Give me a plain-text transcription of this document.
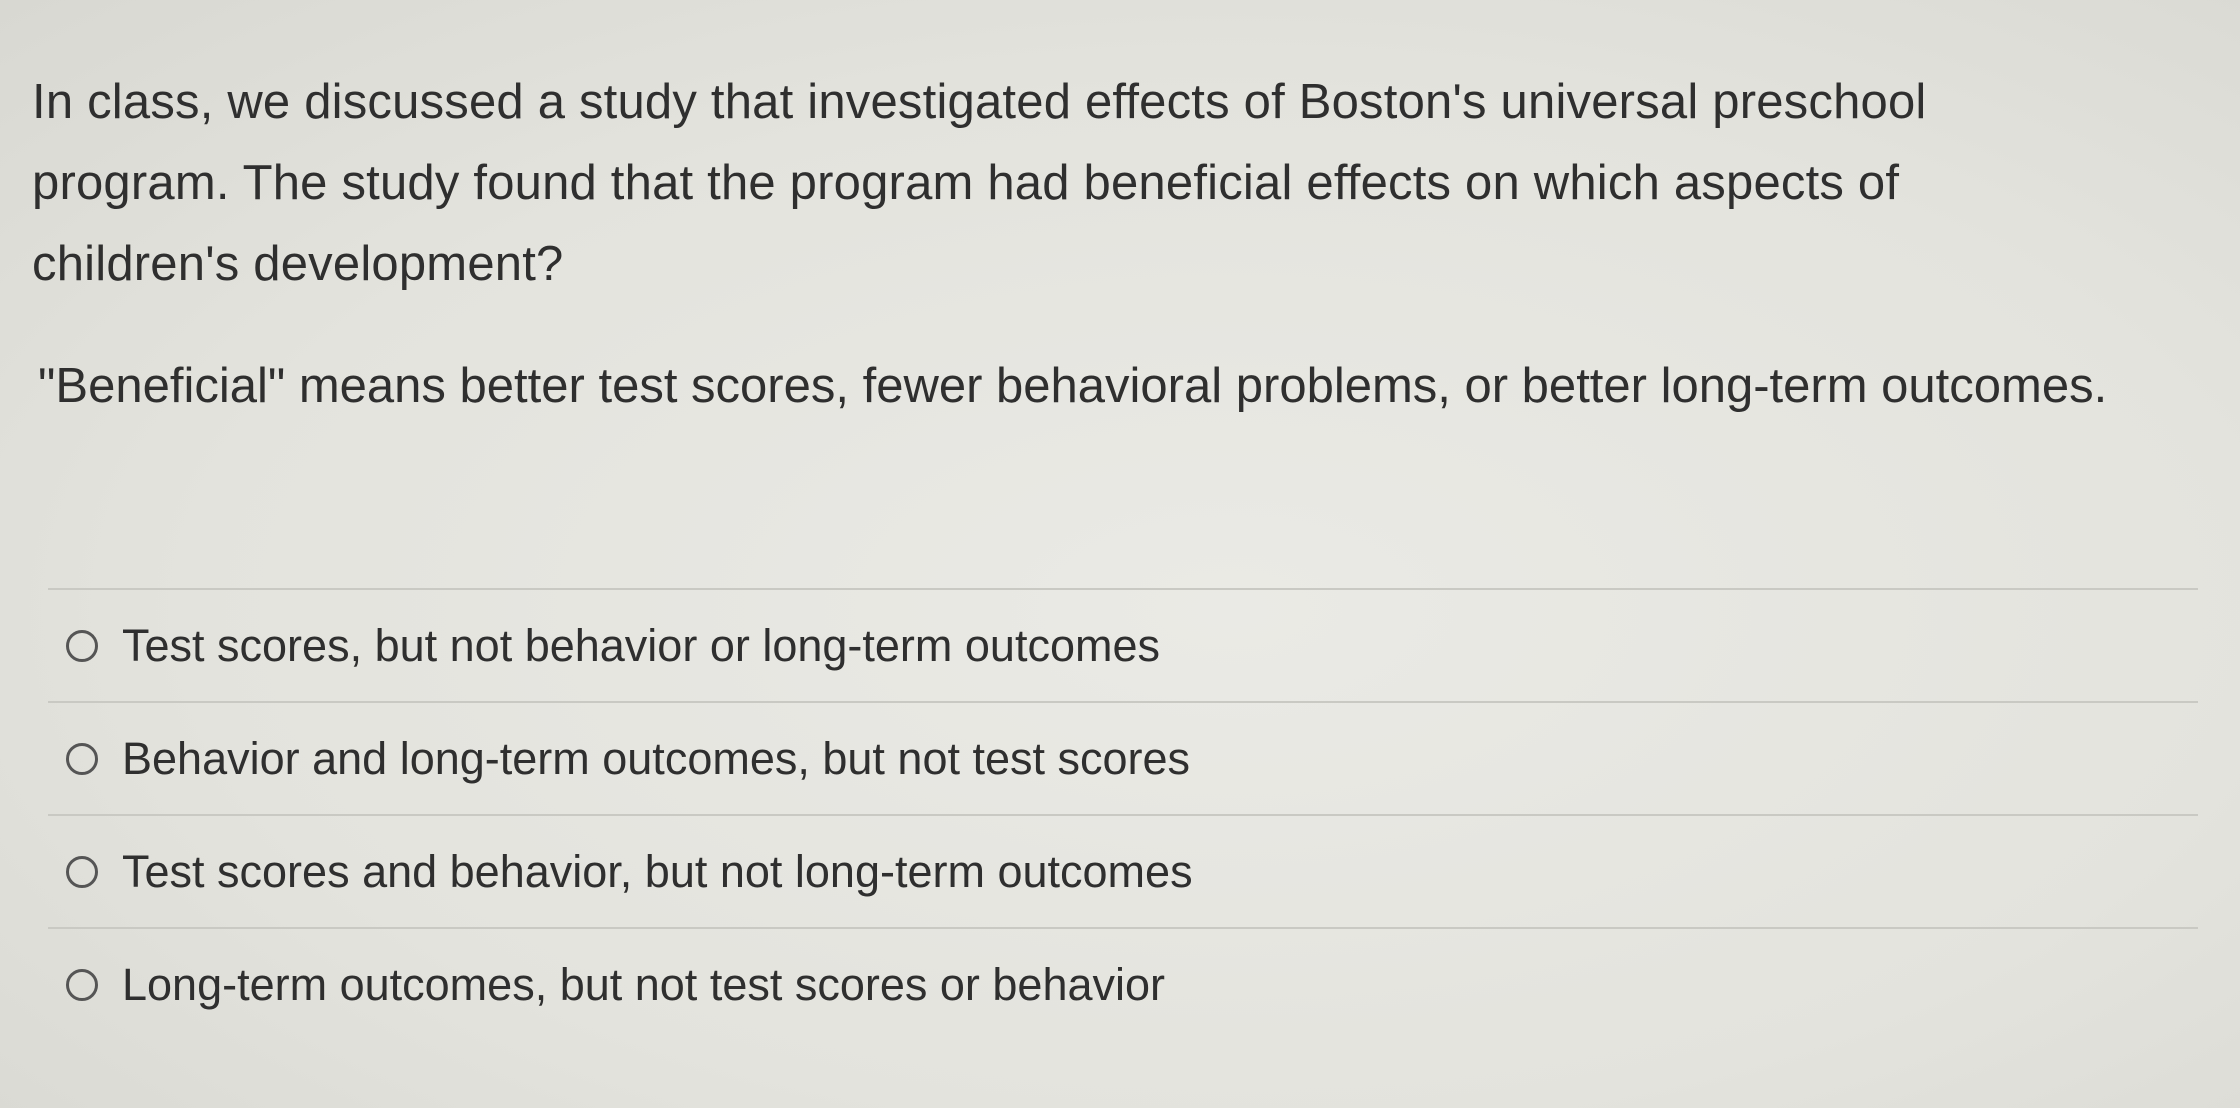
In class, we discussed a study that investigated effects of Boston's universal preschool program. The study found that the program had beneficial effects on which aspects of children's development?

"Beneficial" means better test scores, fewer behavioral problems, or better long-term outcomes.

Test scores, but not behavior or long-term outcomes
Behavior and long-term outcomes, but not test scores
Test scores and behavior, but not long-term outcomes
Long-term outcomes, but not test scores or behavior
